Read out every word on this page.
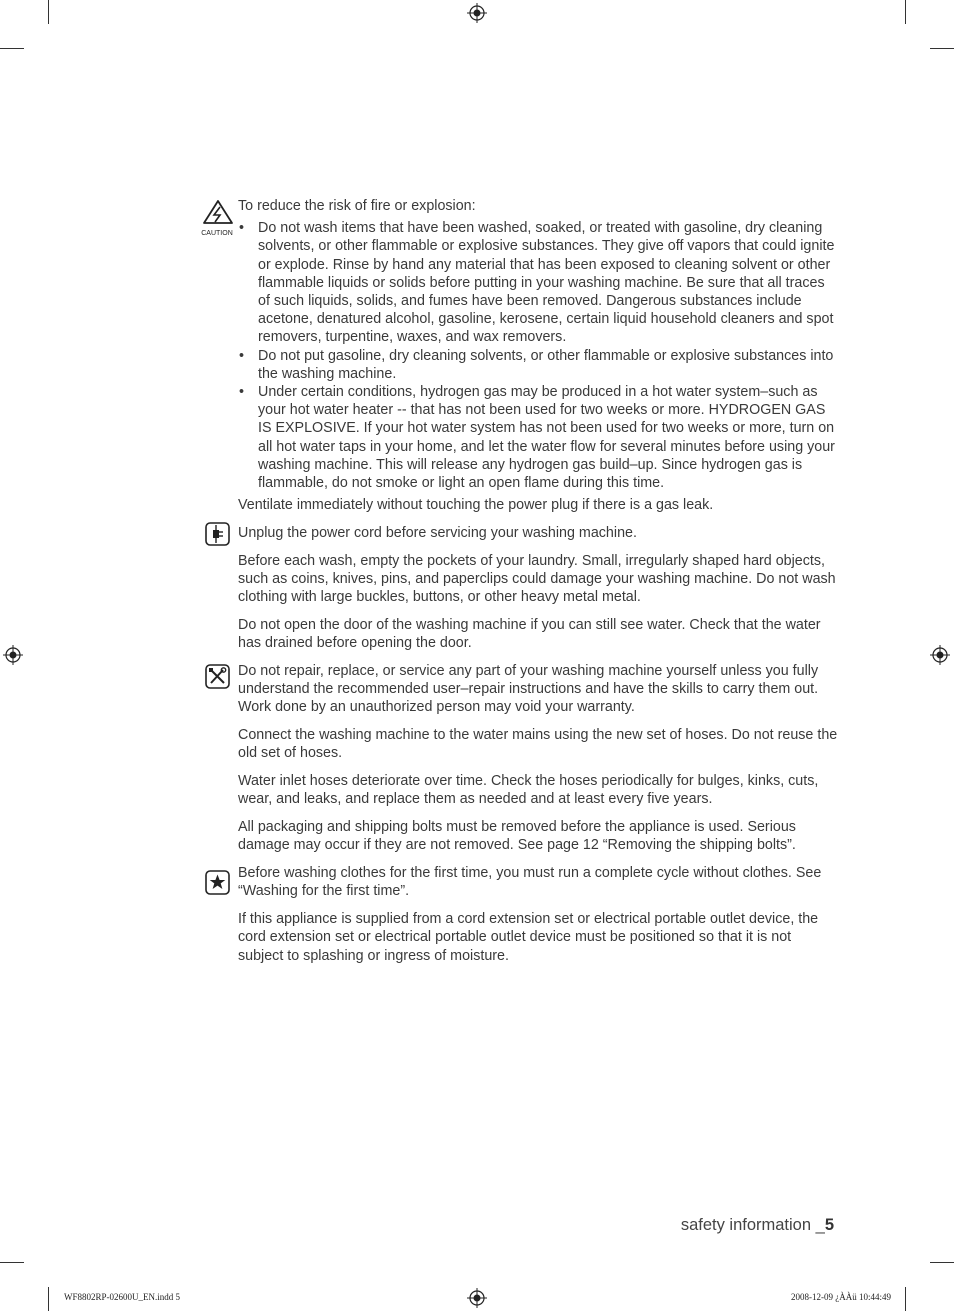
CAUTION

To reduce the risk of fire or explosion:

• Do not wash items that have been washed, soaked, or treated with gasoline, dry cleaning solvents, or other flammable or explosive substances. They give off vapors that could ignite or explode. Rinse by hand any material that has been exposed to cleaning solvent or other flammable liquids or solids before putting in your washing machine. Be sure that all traces of such liquids, solids, and fumes have been removed. Dangerous substances include acetone, denatured alcohol, gasoline, kerosene, certain liquid household cleaners and spot removers, turpentine, waxes, and wax removers.
• Do not put gasoline, dry cleaning solvents, or other flammable or explosive substances into the washing machine.
• Under certain conditions, hydrogen gas may be produced in a hot water system–such as your hot water heater -- that has not been used for two weeks or more. HYDROGEN GAS IS EXPLOSIVE. If your hot water system has not been used for two weeks or more, turn on all hot water taps in your home, and let the water flow for several minutes before using your washing machine. This will release any hydrogen gas build–up. Since hydrogen gas is flammable, do not smoke or light an open flame during this time.

Ventilate immediately without touching the power plug if there is a gas leak.

Unplug the power cord before servicing your washing machine.

Before each wash, empty the pockets of your laundry. Small, irregularly shaped hard objects, such as coins, knives, pins, and paperclips could damage your washing machine. Do not wash clothing with large buckles, buttons, or other heavy metal metal.

Do not open the door of the washing machine if you can still see water. Check that the water has drained before opening the door.

Do not repair, replace, or service any part of your washing machine yourself unless you fully understand the recommended user–repair instructions and have the skills to carry them out. Work done by an unauthorized person may void your warranty.

Connect the washing machine to the water mains using the new set of hoses. Do not reuse the old set of hoses.

Water inlet hoses deteriorate over time. Check the hoses periodically for bulges, kinks, cuts, wear, and leaks, and replace them as needed and at least every five years.

All packaging and shipping bolts must be removed before the appliance is used. Serious damage may occur if they are not removed. See page 12 “Removing the shipping bolts”.

Before washing clothes for the first time, you must run a complete cycle without clothes. See “Washing for the first time”.

If this appliance is supplied from a cord extension set or electrical portable outlet device, the cord extension set or electrical portable outlet device must be positioned so that it is not subject to splashing or ingress of moisture.

safety information _5
WF8802RP-02600U_EN.indd 5	2008-12-09 ¿ÀÀü 10:44:49
